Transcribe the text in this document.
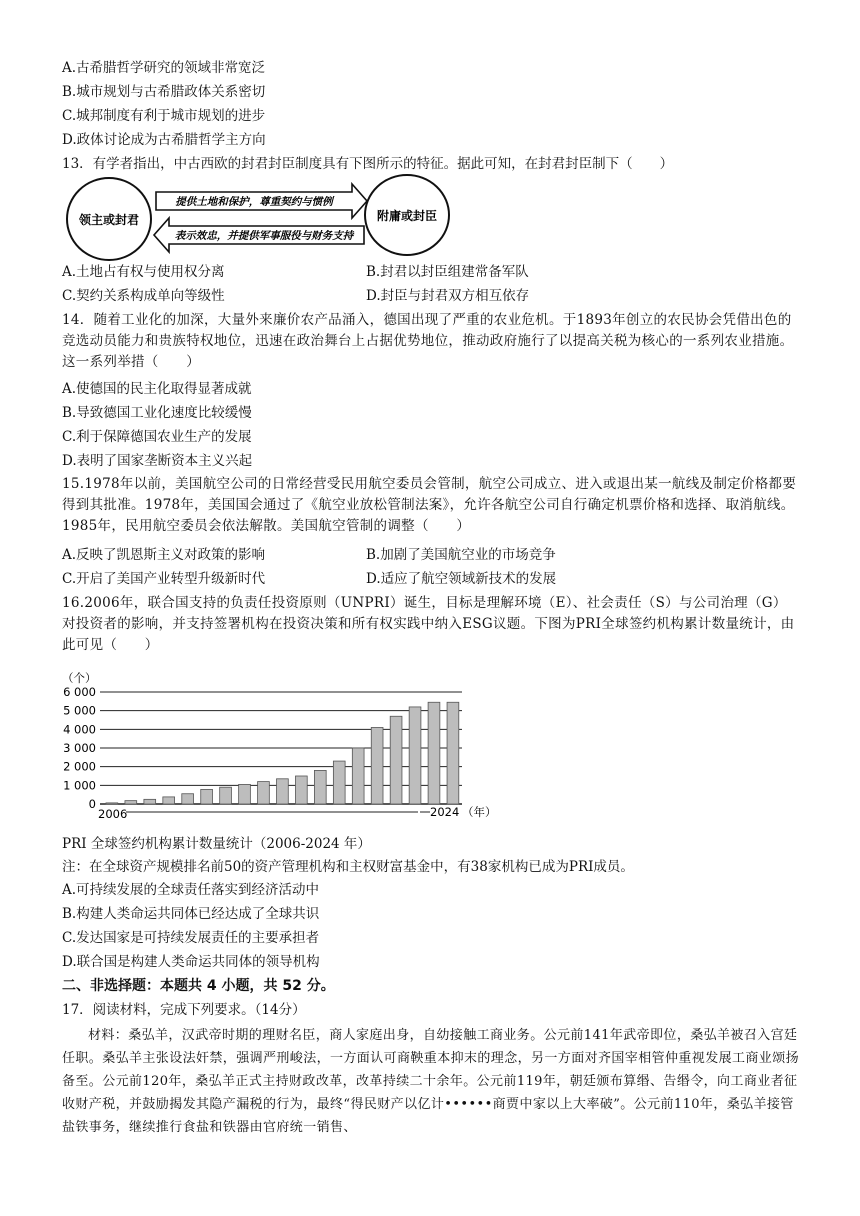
A.古希腊哲学研究的领域非常宽泛
B.城市规划与古希腊政体关系密切
C.城邦制度有利于城市规划的进步
D.政体讨论成为古希腊哲学主方向
13．有学者指出，中古西欧的封君封臣制度具有下图所示的特征。据此可知，在封君封臣制下（　　）
领主或封君	附庸或封臣
提供土地和保护，尊重契约与惯例
表示效忠，并提供军事服役与财务支持
A.土地占有权与使用权分离	B.封君以封臣组建常备军队
C.契约关系构成单向等级性	D.封臣与封君双方相互依存
14．随着工业化的加深，大量外来廉价农产品涌入，德国出现了严重的农业危机。于1893年创立的农民协会凭借出色的竞选动员能力和贵族特权地位，迅速在政治舞台上占据优势地位，推动政府施行了以提高关税为核心的一系列农业措施。这一系列举措（　　）
A.使德国的民主化取得显著成就
B.导致德国工业化速度比较缓慢
C.利于保障德国农业生产的发展
D.表明了国家垄断资本主义兴起
15.1978年以前，美国航空公司的日常经营受民用航空委员会管制，航空公司成立、进入或退出某一航线及制定价格都要得到其批准。1978年，美国国会通过了《航空业放松管制法案》，允许各航空公司自行确定机票价格和选择、取消航线。1985年，民用航空委员会依法解散。美国航空管制的调整（　　）
A.反映了凯恩斯主义对政策的影响	B.加剧了美国航空业的市场竞争
C.开启了美国产业转型升级新时代	D.适应了航空领域新技术的发展
16.2006年，联合国支持的负责任投资原则（UNPRI）诞生，目标是理解环境（E）、社会责任（S）与公司治理（G）对投资者的影响，并支持签署机构在投资决策和所有权实践中纳入ESG议题。下图为PRI全球签约机构累计数量统计，由此可见（　　）
0
1 000
2 000
3 000
4 000
5 000
6 000
（个）
2006	2024 （年）
PRI 全球签约机构累计数量统计（2006-2024 年）
注：在全球资产规模排名前50的资产管理机构和主权财富基金中，有38家机构已成为PRI成员。
A.可持续发展的全球责任落实到经济活动中
B.构建人类命运共同体已经达成了全球共识
C.发达国家是可持续发展责任的主要承担者
D.联合国是构建人类命运共同体的领导机构
二、非选择题：本题共 4 小题，共 52 分。
17．阅读材料，完成下列要求。（14分）
材料：桑弘羊，汉武帝时期的理财名臣，商人家庭出身，自幼接触工商业务。公元前141年武帝即位，桑弘羊被召入宫廷任职。桑弘羊主张设法奸禁，强调严刑峻法，一方面认可商鞅重本抑末的理念，另一方面对齐国宰相管仲重视发展工商业颂扬备至。公元前120年，桑弘羊正式主持财政改革，改革持续二十余年。公元前119年，朝廷颁布算缗、告缗令，向工商业者征收财产税，并鼓励揭发其隐产漏税的行为，最终“得民财产以亿计••••••商贾中家以上大率破”。公元前110年，桑弘羊接管盐铁事务，继续推行食盐和铁器由官府统一销售、
